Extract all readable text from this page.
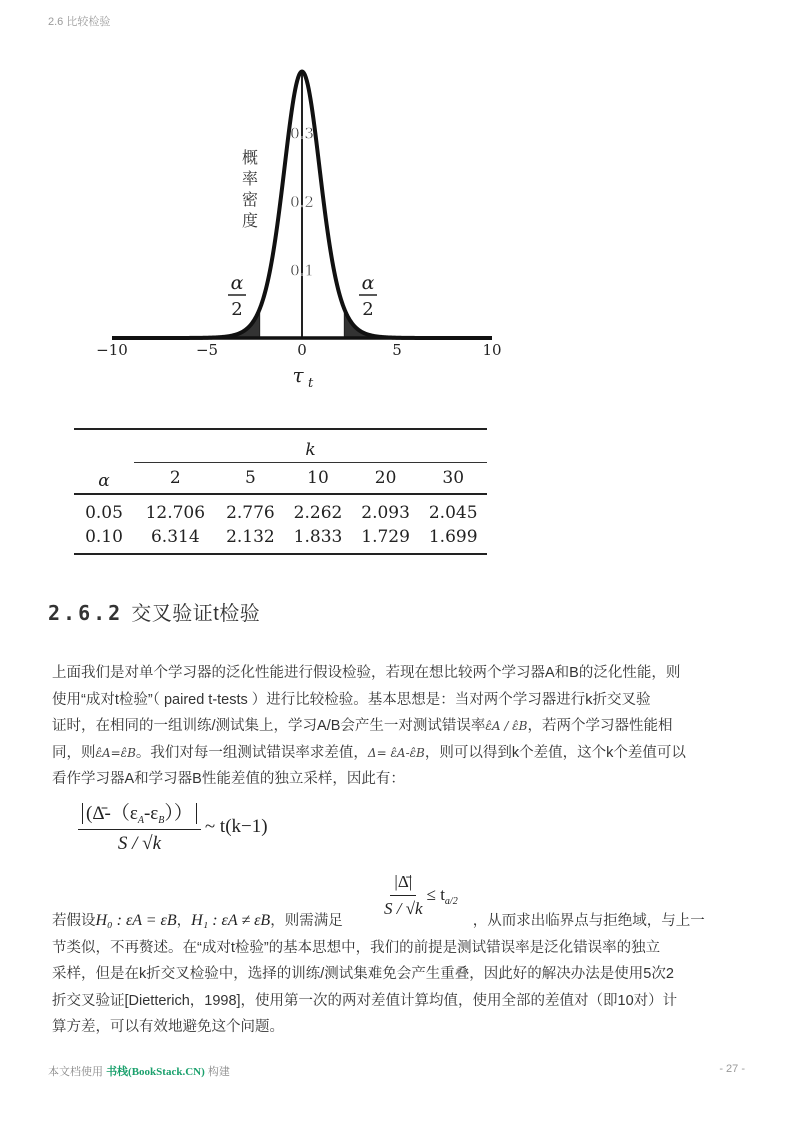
2.6 比较检验
0.1
0.2
0.3
−10	−5	0	5	10
τ t
概
率
密
度
α
2
α
2

α	k				
	2	5	10	20	30

0.05	12.706	2.776	2.262	2.093	2.045
0.10	6.314	2.132	1.833	1.729	1.699

2.6.2 交叉验证t检验
上面我们是对单个学习器的泛化性能进行假设检验，若现在想比较两个学习器A和B的泛化性能，则
使用“成对t检验”（ paired t-tests ）进行比较检验。基本思想是：当对两个学习器进行k折交叉验
证时，在相同的一组训练/测试集上，学习A/B会产生一对测试错误率ε̂A / ε̂B，若两个学习器性能相
同，则ε̂A=ε̂B。我们对每一组测试错误率求差值，Δ= ε̂A-ε̂B，则可以得到k个差值，这个k个差值可以
看作学习器A和学习器B性能差值的独立采样，因此有：
$\frac{(\Deltā-(\varepsilon_A-\varepsilon_B))}{S / √k}$ ~ t(k−1)
$\frac{|\Deltā|}{S / √k} \le t_{a/2}$
若假设H₀ : εA = εB，H₁ : εA ≠ εB，则需满足	，从而求出临界点与拒绝域，与上一
节类似，不再赘述。在“成对t检验”的基本思想中，我们的前提是测试错误率是泛化错误率的独立
采样，但是在k折交叉检验中，选择的训练/测试集难免会产生重叠，因此好的解决办法是使用5次2
折交叉验证[Dietterich，1998]，使用第一次的两对差值计算均值，使用全部的差值对（即10对）计
算方差，可以有效地避免这个问题。
本文档使用 书栈(BookStack.CN) 构建	- 27 -
